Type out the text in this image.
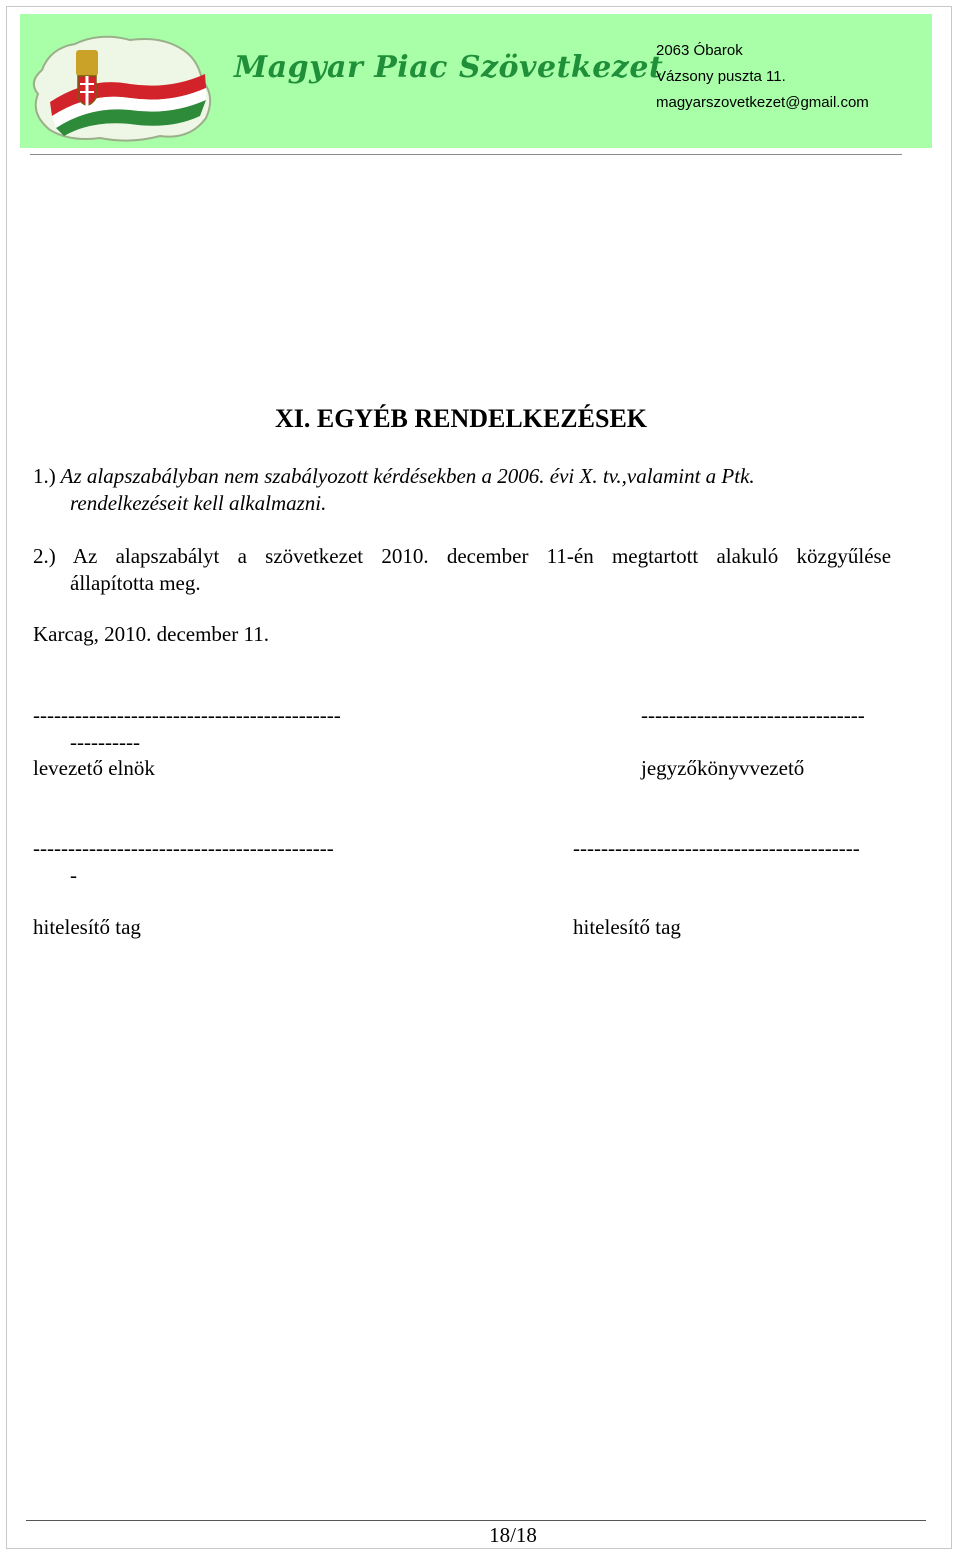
Magyar Piac Szövetkezet
2063 Óbarok
Vázsony puszta 11.
magyarszovetkezet@gmail.com
XI. EGYÉB RENDELKEZÉSEK
1.) Az alapszabályban nem szabályozott kérdésekben a 2006. évi X. tv.,valamint a Ptk.
rendelkezéseit kell alkalmazni.
2.) Az alapszabályt a szövetkezet 2010. december 11-én megtartott alakuló közgyűlése
állapította meg.
Karcag, 2010. december 11.
--------------------------------------------
----------
levezető elnök
--------------------------------
jegyzőkönyvvezető
-------------------------------------------
-
hitelesítő tag
-----------------------------------------
hitelesítő tag
18/18
